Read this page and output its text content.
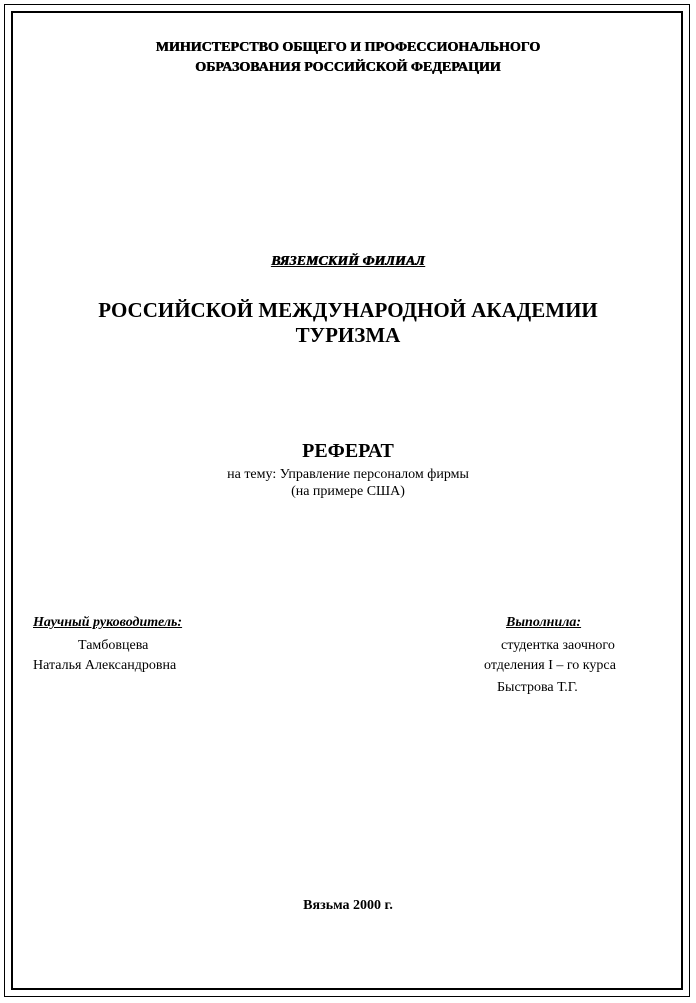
МИНИСТЕРСТВО ОБЩЕГО И ПРОФЕССИОНАЛЬНОГО
ОБРАЗОВАНИЯ РОССИЙСКОЙ ФЕДЕРАЦИИ
ВЯЗЕМСКИЙ ФИЛИАЛ
РОССИЙСКОЙ МЕЖДУНАРОДНОЙ АКАДЕМИИ
ТУРИЗМА
РЕФЕРАТ
на тему: Управление персоналом фирмы
(на примере США)
Научный руководитель:
Тамбовцева
Наталья Александровна
Выполнила:
студентка заочного
отделения I – го курса
Быстрова Т.Г.
Вязьма 2000 г.
